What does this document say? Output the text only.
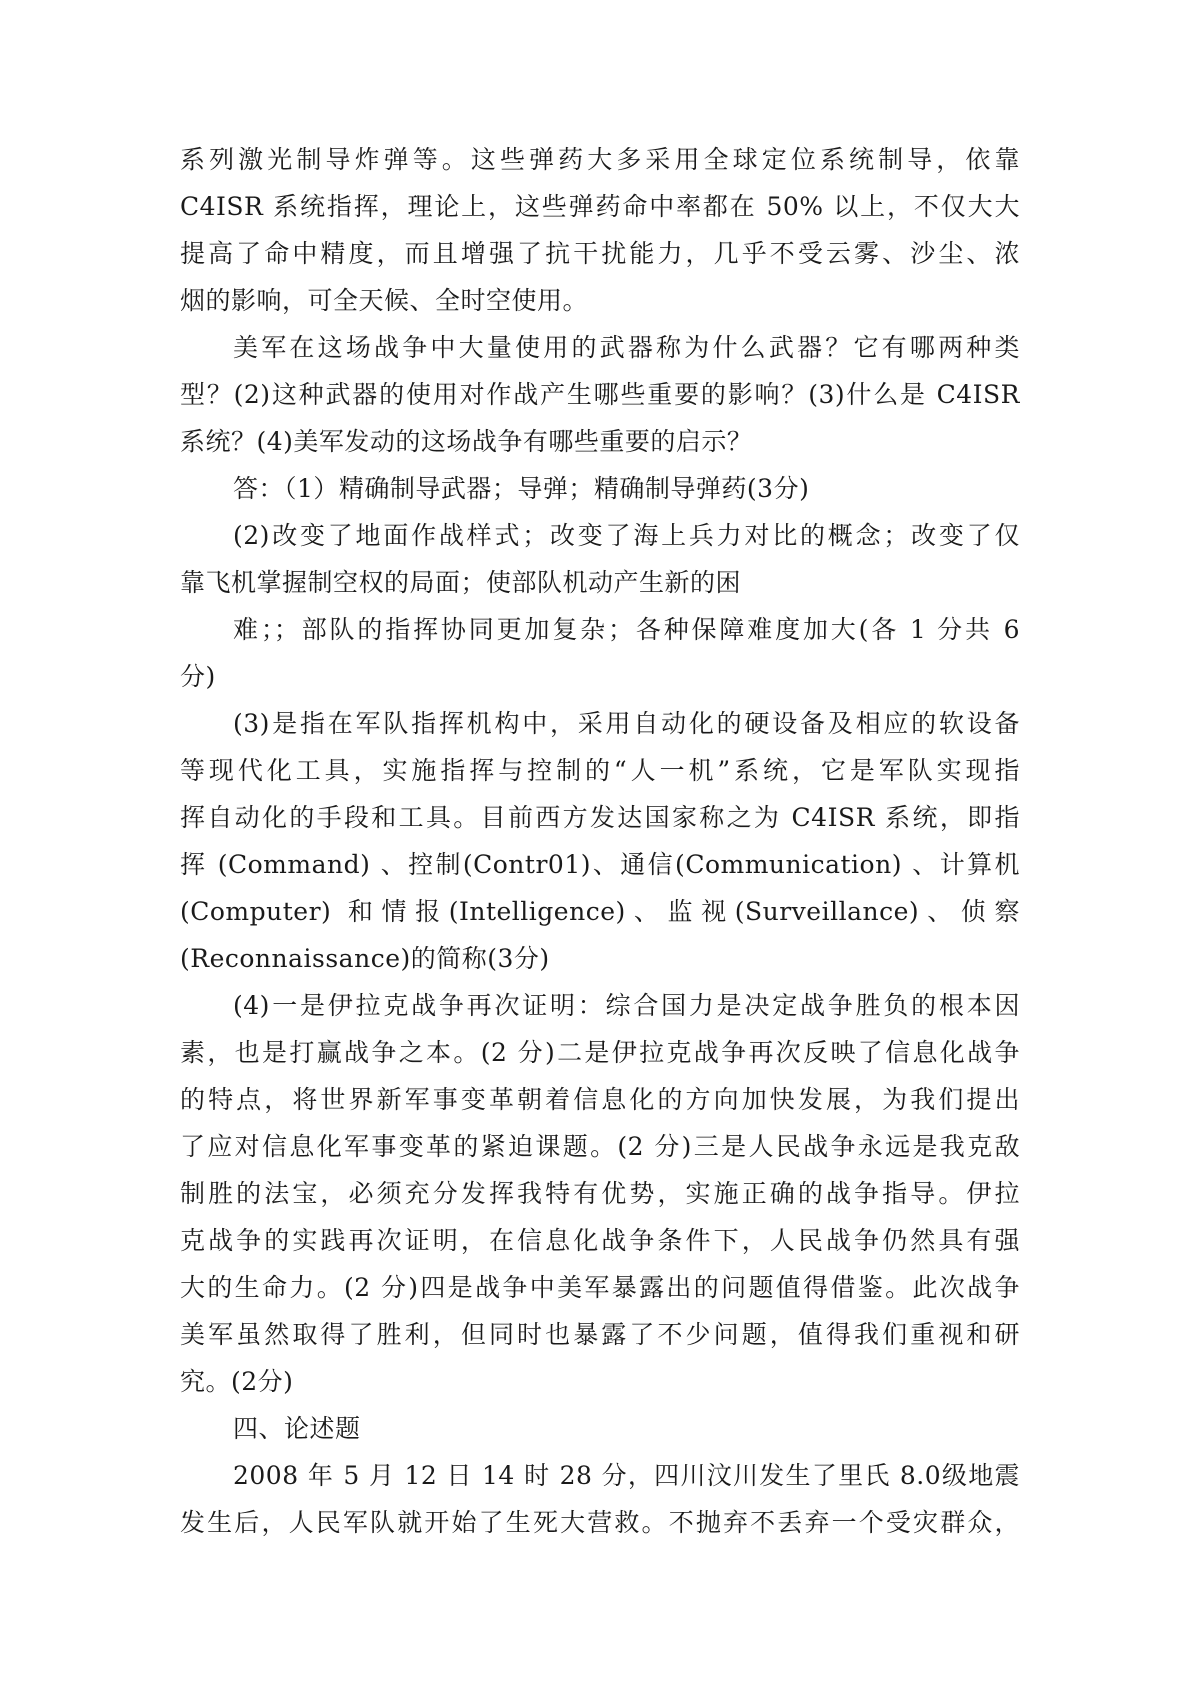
系列激光制导炸弹等。这些弹药大多采用全球定位系统制导，依靠
C4ISR 系统指挥，理论上，这些弹药命中率都在 50% 以上，不仅大大
提高了命中精度，而且增强了抗干扰能力，几乎不受云雾、沙尘、浓
烟的影响，可全天候、全时空使用。
美军在这场战争中大量使用的武器称为什么武器？它有哪两种类
型？(2)这种武器的使用对作战产生哪些重要的影响？(3)什么是 C4ISR
系统？(4)美军发动的这场战争有哪些重要的启示？
答：（1）精确制导武器；导弹；精确制导弹药(3分)
(2)改变了地面作战样式；改变了海上兵力对比的概念；改变了仅
靠飞机掌握制空权的局面；使部队机动产生新的困
难；；部队的指挥协同更加复杂；各种保障难度加大(各 1 分共 6
分)
(3)是指在军队指挥机构中，采用自动化的硬设备及相应的软设备
等现代化工具，实施指挥与控制的“人一机”系统，它是军队实现指
挥自动化的手段和工具。目前西方发达国家称之为 C4ISR 系统，即指
挥 (Command) 、控制(Contr01)、通信(Communication) 、计算机
(Computer) 和情报(Intelligence)、监视(Surveillance)、侦察
(Reconnaissance)的简称(3分)
(4)一是伊拉克战争再次证明：综合国力是决定战争胜负的根本因
素，也是打赢战争之本。(2 分)二是伊拉克战争再次反映了信息化战争
的特点，将世界新军事变革朝着信息化的方向加快发展，为我们提出
了应对信息化军事变革的紧迫课题。(2 分)三是人民战争永远是我克敌
制胜的法宝，必须充分发挥我特有优势，实施正确的战争指导。伊拉
克战争的实践再次证明，在信息化战争条件下，人民战争仍然具有强
大的生命力。(2 分)四是战争中美军暴露出的问题值得借鉴。此次战争
美军虽然取得了胜利，但同时也暴露了不少问题，值得我们重视和研
究。(2分)
四、论述题
2008 年 5 月 12 日 14 时 28 分，四川汶川发生了里氏 8.0级地震
发生后，人民军队就开始了生死大营救。不抛弃不丢弃一个受灾群众，
